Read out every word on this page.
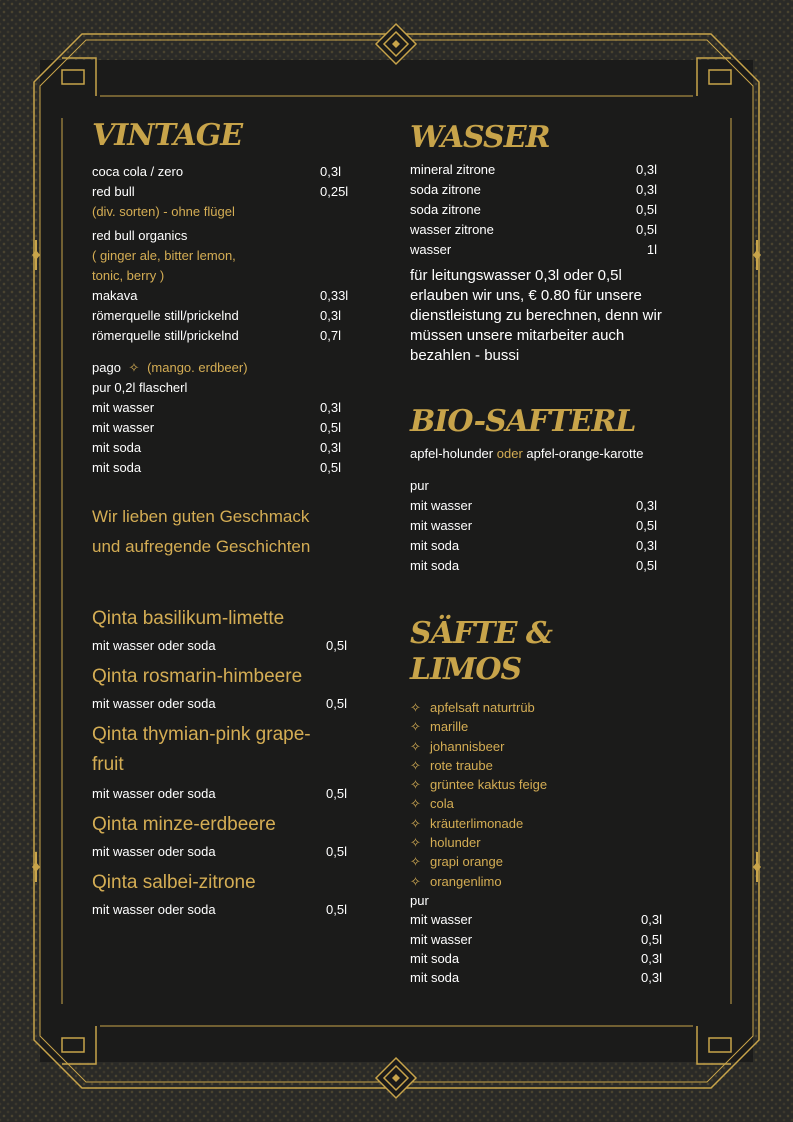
VINTAGE
coca cola / zero	0,3l
red bull	0,25l
(div. sorten) - ohne flügel
red bull organics
( ginger ale, bitter lemon,
tonic, berry )
makava	0,33l
römerquelle still/prickelnd	0,3l
römerquelle still/prickelnd	0,7l
pago ✧ (mango. erdbeer)
pur 0,2l flascherl
mit wasser	0,3l
mit wasser	0,5l
mit soda	0,3l
mit soda	0,5l
Wir lieben guten Geschmack
und aufregende Geschichten
Qinta basilikum-limette
mit wasser oder soda	0,5l
Qinta rosmarin-himbeere
mit wasser oder soda	0,5l
Qinta thymian-pink grape-
fruit
mit wasser oder soda	0,5l
Qinta minze-erdbeere
mit wasser oder soda	0,5l
Qinta salbei-zitrone
mit wasser oder soda	0,5l
WASSER
mineral zitrone	0,3l
soda zitrone	0,3l
soda zitrone	0,5l
wasser zitrone	0,5l
wasser	1l
für leitungswasser 0,3l oder 0,5l erlauben wir uns, € 0.80 für unsere dienstleistung zu berechnen, denn wir müssen unsere mitarbeiter auch bezahlen - bussi
BIO-SAFTERL
apfel-holunder oder apfel-orange-karotte
pur
mit wasser	0,3l
mit wasser	0,5l
mit soda	0,3l
mit soda	0,5l
SÄFTE & LIMOS
✧ apfelsaft naturtrüb
✧ marille
✧ johannisbeer
✧ rote traube
✧ grüntee kaktus feige
✧ cola
✧ kräuterlimonade
✧ holunder
✧ grapi orange
✧ orangenlimo
pur
mit wasser	0,3l
mit wasser	0,5l
mit soda	0,3l
mit soda	0,3l
